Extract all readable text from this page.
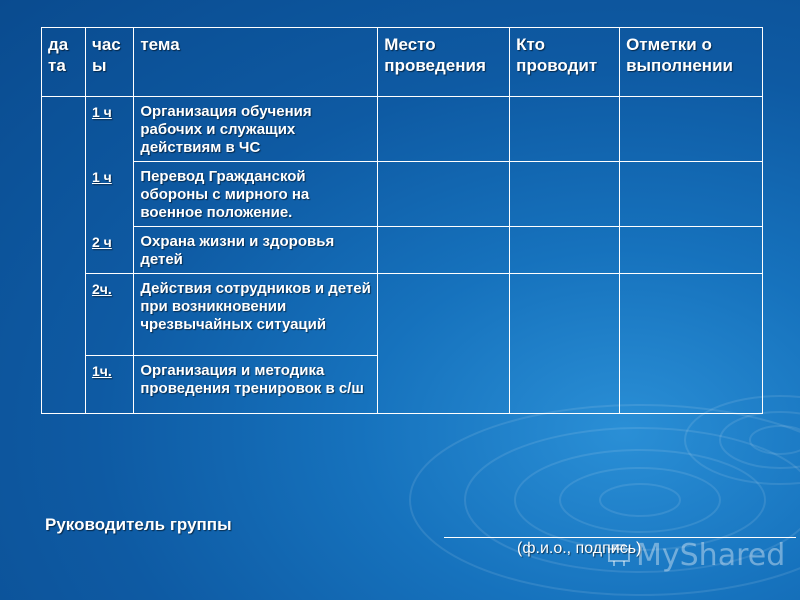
да та	час ы	тема	Место проведения	Кто проводит	Отметки о выполнении
	1 ч	Организация обучения рабочих и служащих действиям в ЧС			
	1 ч	Перевод Гражданской обороны с мирного на военное положение.			
	2 ч	Охрана жизни и здоровья детей			
	2ч.	Действия сотрудников и детей при возникновении чрезвычайных ситуаций			
	1ч.	Организация и методика проведения тренировок в с/ш			
Руководитель группы
(ф.и.о., подпись)
MyShared
